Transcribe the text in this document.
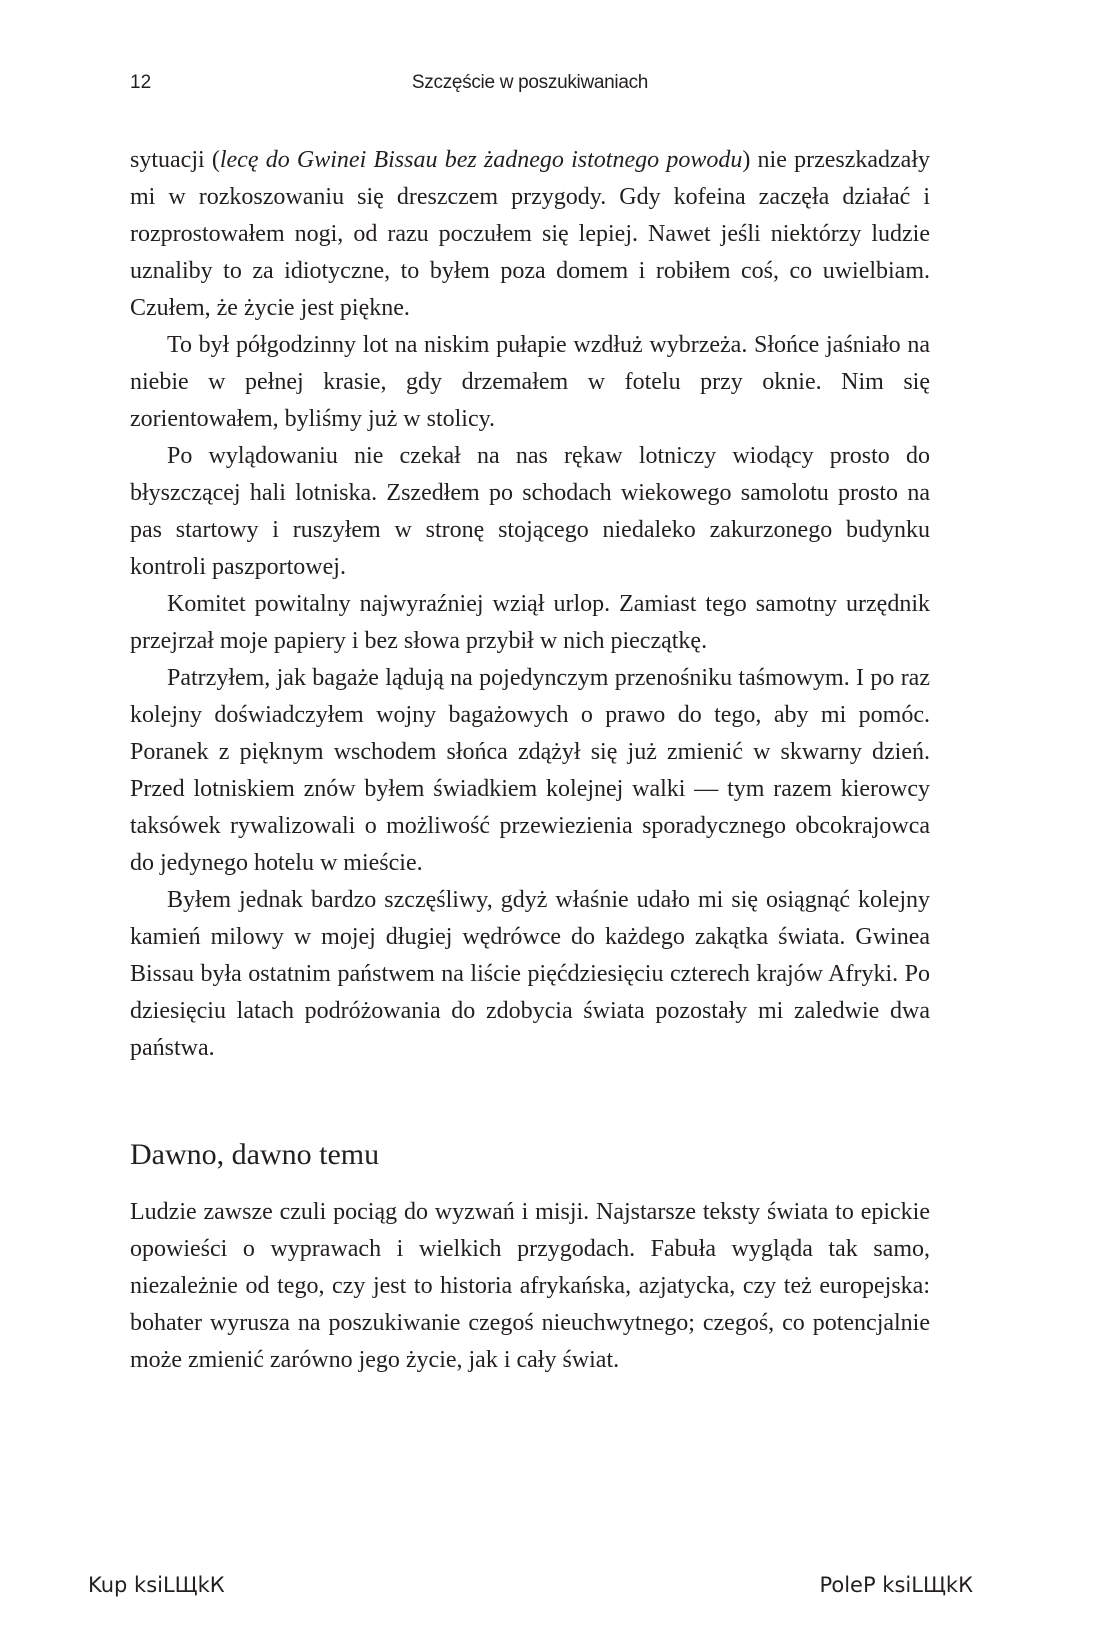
12	Szczęście w poszukiwaniach

sytuacji (lecę do Gwinei Bissau bez żadnego istotnego powodu) nie przeszkadzały mi w rozkoszowaniu się dreszczem przygody. Gdy kofeina zaczęła działać i rozprostowałem nogi, od razu poczułem się lepiej. Nawet jeśli niektórzy ludzie uznaliby to za idiotyczne, to byłem poza domem i robiłem coś, co uwielbiam. Czułem, że życie jest piękne.

To był półgodzinny lot na niskim pułapie wzdłuż wybrzeża. Słońce jaśniało na niebie w pełnej krasie, gdy drzemałem w fotelu przy oknie. Nim się zorientowałem, byliśmy już w stolicy.

Po wylądowaniu nie czekał na nas rękaw lotniczy wiodący prosto do błyszczącej hali lotniska. Zszedłem po schodach wiekowego samolotu prosto na pas startowy i ruszyłem w stronę stojącego niedaleko zakurzonego budynku kontroli paszportowej.

Komitet powitalny najwyraźniej wziął urlop. Zamiast tego samotny urzędnik przejrzał moje papiery i bez słowa przybił w nich pieczątkę.

Patrzyłem, jak bagaże lądują na pojedynczym przenośniku taśmowym. I po raz kolejny doświadczyłem wojny bagażowych o prawo do tego, aby mi pomóc. Poranek z pięknym wschodem słońca zdążył się już zmienić w skwarny dzień. Przed lotniskiem znów byłem świadkiem kolejnej walki — tym razem kierowcy taksówek rywalizowali o możliwość przewiezienia sporadycznego obcokrajowca do jedynego hotelu w mieście.

Byłem jednak bardzo szczęśliwy, gdyż właśnie udało mi się osiągnąć kolejny kamień milowy w mojej długiej wędrówce do każdego zakątka świata. Gwinea Bissau była ostatnim państwem na liście pięćdziesięciu czterech krajów Afryki. Po dziesięciu latach podróżowania do zdobycia świata pozostały mi zaledwie dwa państwa.

Dawno, dawno temu

Ludzie zawsze czuli pociąg do wyzwań i misji. Najstarsze teksty świata to epickie opowieści o wyprawach i wielkich przygodach. Fabuła wygląda tak samo, niezależnie od tego, czy jest to historia afrykańska, azjatycka, czy też europejska: bohater wyrusza na poszukiwanie czegoś nieuchwytnego; czegoś, co potencjalnie może zmienić zarówno jego życie, jak i cały świat.

Kup ksiLЩkК	PoleР ksiLЩkК
